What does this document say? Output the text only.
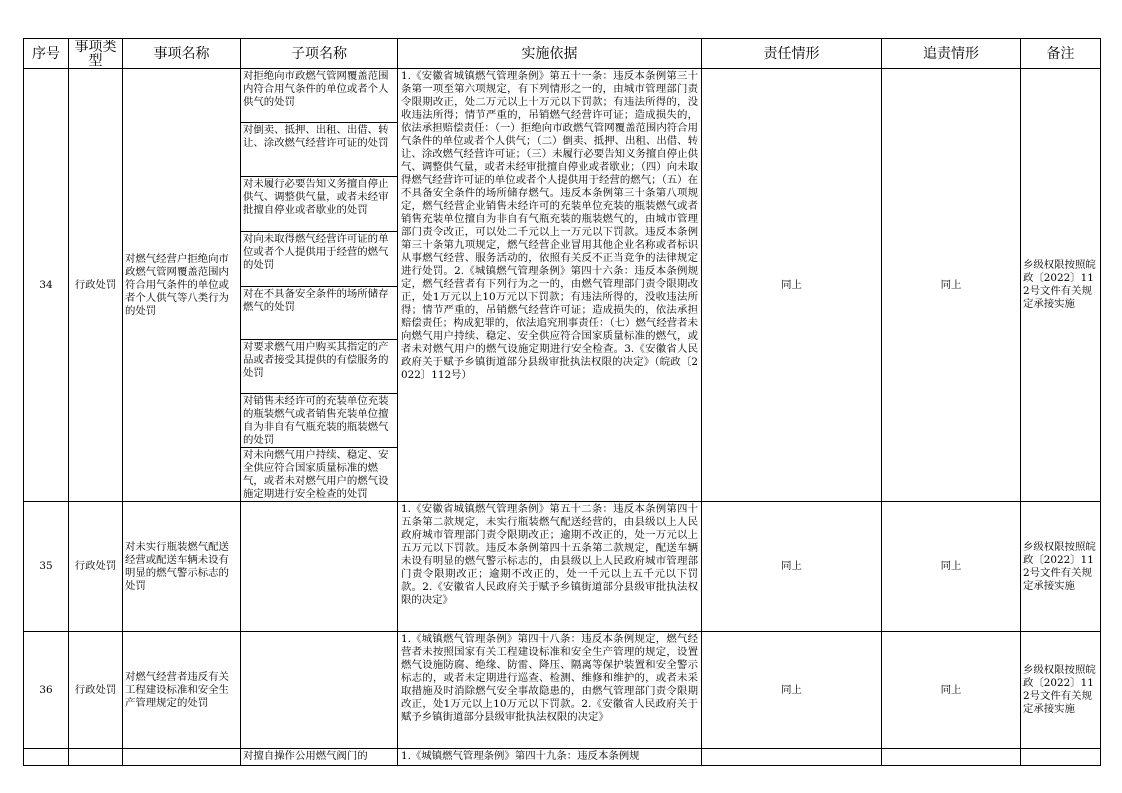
序号	事项类型	事项名称	子项名称	实施依据	责任情形	追责情形	备注
34	行政处罚	对燃气经营户拒绝向市政燃气管网覆盖范围内符合用气条件的单位或者个人供气等八类行为的处罚	对拒绝向市政燃气管网覆盖范围内符合用气条件的单位或者个人供气的处罚	1.《安徽省城镇燃气管理条例》第五十一条：违反本条例第三十条第一项至第六项规定，有下列情形之一的，由城市管理部门责令限期改正，处二万元以上十万元以下罚款；有违法所得的，没收违法所得；情节严重的，吊销燃气经营许可证；造成损失的，依法承担赔偿责任：（一）拒绝向市政燃气管网覆盖范围内符合用气条件的单位或者个人供气；（二）倒卖、抵押、出租、出借、转让、涂改燃气经营许可证；（三）未履行必要告知义务擅自停止供气、调整供气量，或者未经审批擅自停业或者歇业；（四）向未取得燃气经营许可证的单位或者个人提供用于经营的燃气；（五）在不具备安全条件的场所储存燃气。违反本条例第三十条第八项规定，燃气经营企业销售未经许可的充装单位充装的瓶装燃气或者销售充装单位擅自为非自有气瓶充装的瓶装燃气的，由城市管理部门责令改正，可以处二千元以上一万元以下罚款。违反本条例第三十条第九项规定，燃气经营企业冒用其他企业名称或者标识从事燃气经营、服务活动的，依照有关反不正当竞争的法律规定进行处罚。2.《城镇燃气管理条例》第四十六条：违反本条例规定，燃气经营者有下列行为之一的，由燃气管理部门责令限期改正，处1万元以上10万元以下罚款；有违法所得的，没收违法所得；情节严重的，吊销燃气经营许可证；造成损失的，依法承担赔偿责任；构成犯罪的，依法追究刑事责任：（七）燃气经营者未向燃气用户持续、稳定、安全供应符合国家质量标准的燃气，或者未对燃气用户的燃气设施定期进行安全检查。3.《安徽省人民政府关于赋予乡镇街道部分县级审批执法权限的决定》（皖政〔2022〕112号）	同上	同上	乡级权限按照皖政〔2022〕112号文件有关规定承接实施

			对倒卖、抵押、出租、出借、转让、涂改燃气经营许可证的处罚				

			对未履行必要告知义务擅自停止供气、调整供气量，或者未经审批擅自停业或者歇业的处罚				

			对向未取得燃气经营许可证的单位或者个人提供用于经营的燃气的处罚				

			对在不具备安全条件的场所储存燃气的处罚				

			对要求燃气用户购买其指定的产品或者接受其提供的有偿服务的处罚				

			对销售未经许可的充装单位充装的瓶装燃气或者销售充装单位擅自为非自有气瓶充装的瓶装燃气的处罚				

			对未向燃气用户持续、稳定、安全供应符合国家质量标准的燃气，或者未对燃气用户的燃气设施定期进行安全检查的处罚				

35	行政处罚	对未实行瓶装燃气配送经营或配送车辆未设有明显的燃气警示标志的处罚		1.《安徽省城镇燃气管理条例》第五十二条：违反本条例第四十五条第二款规定，未实行瓶装燃气配送经营的，由县级以上人民政府城市管理部门责令限期改正；逾期不改正的，处一万元以上五万元以下罚款。违反本条例第四十五条第二款规定，配送车辆未设有明显的燃气警示标志的，由县级以上人民政府城市管理部门责令限期改正；逾期不改正的，处一千元以上五千元以下罚款。2.《安徽省人民政府关于赋予乡镇街道部分县级审批执法权限的决定》	同上	同上	乡级权限按照皖政〔2022〕112号文件有关规定承接实施

36	行政处罚	对燃气经营者违反有关工程建设标准和安全生产管理规定的处罚		1.《城镇燃气管理条例》第四十八条：违反本条例规定，燃气经营者未按照国家有关工程建设标准和安全生产管理的规定，设置燃气设施防腐、绝缘、防雷、降压、隔离等保护装置和安全警示标志的，或者未定期进行巡查、检测、维修和维护的，或者未采取措施及时消除燃气安全事故隐患的，由燃气管理部门责令限期改正，处1万元以上10万元以下罚款。2.《安徽省人民政府关于赋予乡镇街道部分县级审批执法权限的决定》	同上	同上	乡级权限按照皖政〔2022〕112号文件有关规定承接实施

			对擅自操作公用燃气阀门的	1.《城镇燃气管理条例》第四十九条：违反本条例规			
